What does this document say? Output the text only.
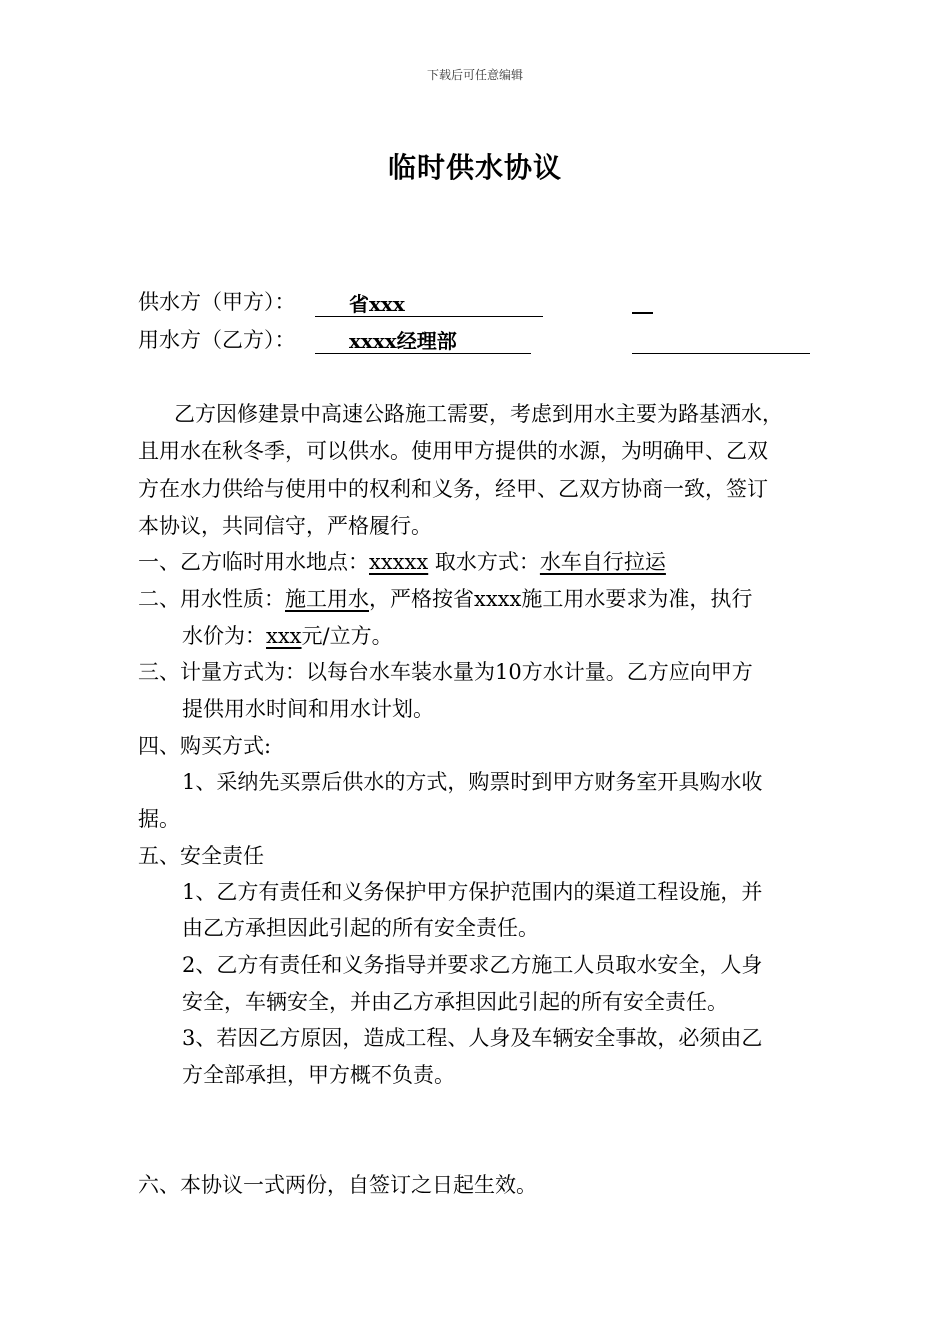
下载后可任意编辑
临时供水协议
供水方（甲方）：	省xxx	__
用水方（乙方）：	xxxx经理部
乙方因修建景中高速公路施工需要，考虑到用水主要为路基洒水，
且用水在秋冬季，可以供水。使用甲方提供的水源，为明确甲、乙双
方在水力供给与使用中的权利和义务，经甲、乙双方协商一致，签订
本协议，共同信守，严格履行。
一、乙方临时用水地点：xxxxx 取水方式：水车自行拉运
二、用水性质：施工用水，严格按省xxxx施工用水要求为准，执行
水价为：xxx元/立方。
三、计量方式为：以每台水车装水量为10方水计量。乙方应向甲方
提供用水时间和用水计划。
四、购买方式:
1、采纳先买票后供水的方式，购票时到甲方财务室开具购水收
据。
五、安全责任
1、乙方有责任和义务保护甲方保护范围内的渠道工程设施，并
由乙方承担因此引起的所有安全责任。
2、乙方有责任和义务指导并要求乙方施工人员取水安全，人身
安全，车辆安全，并由乙方承担因此引起的所有安全责任。
3、若因乙方原因，造成工程、人身及车辆安全事故，必须由乙
方全部承担，甲方概不负责。
六、本协议一式两份，自签订之日起生效。
